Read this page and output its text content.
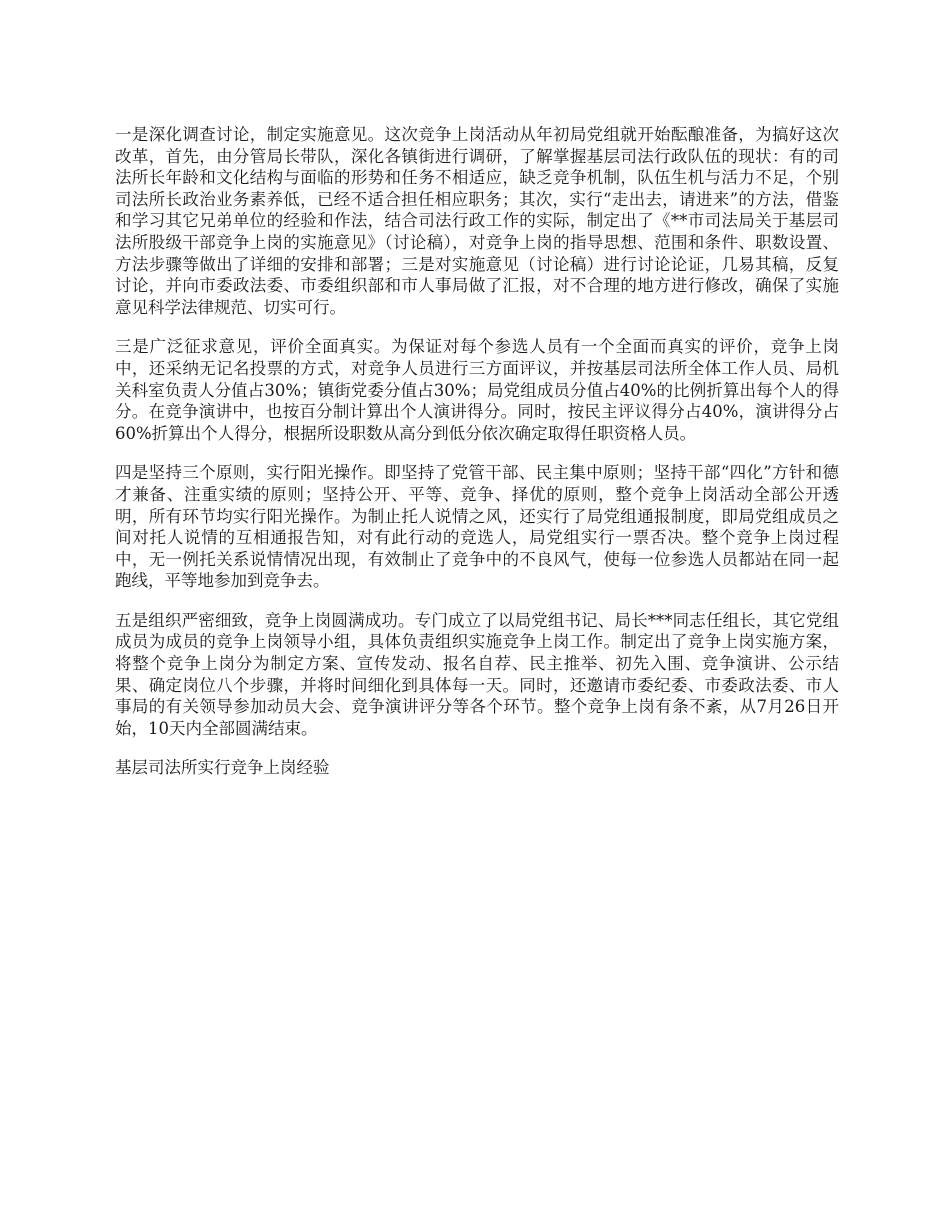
一是深化调查讨论，制定实施意见。这次竞争上岗活动从年初局党组就开始酝酿准备，为搞好这次改革，首先，由分管局长带队，深化各镇街进行调研，了解掌握基层司法行政队伍的现状：有的司法所长年龄和文化结构与面临的形势和任务不相适应，缺乏竞争机制，队伍生机与活力不足，个别司法所长政治业务素养低，已经不适合担任相应职务；其次，实行“走出去，请进来”的方法，借鉴和学习其它兄弟单位的经验和作法，结合司法行政工作的实际，制定出了《**市司法局关于基层司法所股级干部竞争上岗的实施意见》（讨论稿），对竞争上岗的指导思想、范围和条件、职数设置、方法步骤等做出了详细的安排和部署；三是对实施意见（讨论稿）进行讨论论证，几易其稿，反复讨论，并向市委政法委、市委组织部和市人事局做了汇报，对不合理的地方进行修改，确保了实施意见科学法律规范、切实可行。

三是广泛征求意见，评价全面真实。为保证对每个参选人员有一个全面而真实的评价，竞争上岗中，还采纳无记名投票的方式，对竞争人员进行三方面评议，并按基层司法所全体工作人员、局机关科室负责人分值占30%；镇街党委分值占30%；局党组成员分值占40%的比例折算出每个人的得分。在竞争演讲中，也按百分制计算出个人演讲得分。同时，按民主评议得分占40%，演讲得分占60%折算出个人得分，根据所设职数从高分到低分依次确定取得任职资格人员。

四是坚持三个原则，实行阳光操作。即坚持了党管干部、民主集中原则；坚持干部“四化”方针和德才兼备、注重实绩的原则；坚持公开、平等、竞争、择优的原则，整个竞争上岗活动全部公开透明，所有环节均实行阳光操作。为制止托人说情之风，还实行了局党组通报制度，即局党组成员之间对托人说情的互相通报告知，对有此行动的竞选人，局党组实行一票否决。整个竞争上岗过程中，无一例托关系说情情况出现，有效制止了竞争中的不良风气，使每一位参选人员都站在同一起跑线，平等地参加到竞争去。

五是组织严密细致，竞争上岗圆满成功。专门成立了以局党组书记、局长***同志任组长，其它党组成员为成员的竞争上岗领导小组，具体负责组织实施竞争上岗工作。制定出了竞争上岗实施方案，将整个竞争上岗分为制定方案、宣传发动、报名自荐、民主推举、初先入围、竞争演讲、公示结果、确定岗位八个步骤，并将时间细化到具体每一天。同时，还邀请市委纪委、市委政法委、市人事局的有关领导参加动员大会、竞争演讲评分等各个环节。整个竞争上岗有条不紊，从7月26日开始，10天内全部圆满结束。

基层司法所实行竞争上岗经验
